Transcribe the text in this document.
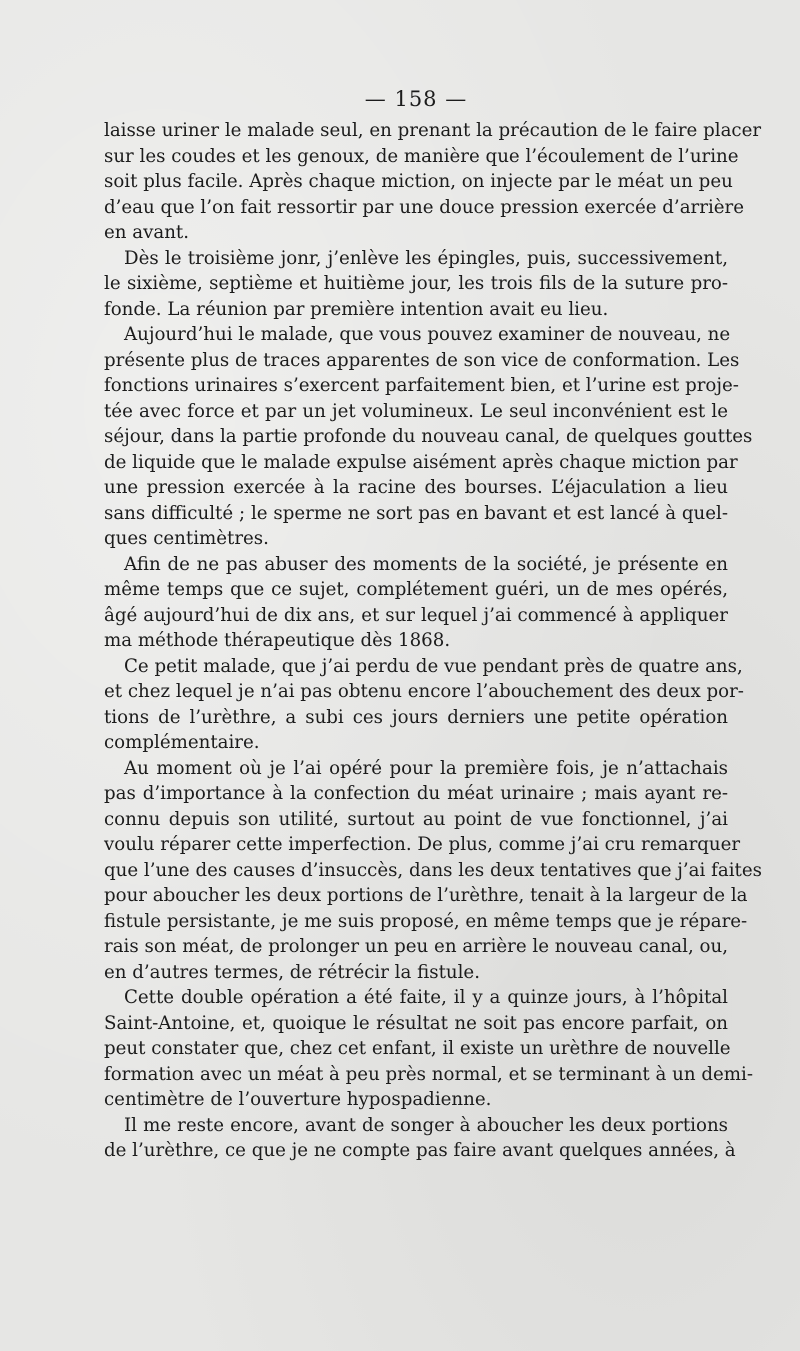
— 158 —

laisse uriner le malade seul, en prenant la précaution de le faire placer
sur les coudes et les genoux, de manière que l’écoulement de l’urine
soit plus facile. Après chaque miction, on injecte par le méat un peu
d’eau que l’on fait ressortir par une douce pression exercée d’arrière
en avant.

Dès le troisième jonr, j’enlève les épingles, puis, successivement,
le sixième, septième et huitième jour, les trois fils de la suture pro-
fonde. La réunion par première intention avait eu lieu.

Aujourd’hui le malade, que vous pouvez examiner de nouveau, ne
présente plus de traces apparentes de son vice de conformation. Les
fonctions urinaires s’exercent parfaitement bien, et l’urine est proje-
tée avec force et par un jet volumineux. Le seul inconvénient est le
séjour, dans la partie profonde du nouveau canal, de quelques gouttes
de liquide que le malade expulse aisément après chaque miction par
une pression exercée à la racine des bourses. L’éjaculation a lieu
sans difficulté ; le sperme ne sort pas en bavant et est lancé à quel-
ques centimètres.

Afin de ne pas abuser des moments de la société, je présente en
même temps que ce sujet, complétement guéri, un de mes opérés,
âgé aujourd’hui de dix ans, et sur lequel j’ai commencé à appliquer
ma méthode thérapeutique dès 1868.

Ce petit malade, que j’ai perdu de vue pendant près de quatre ans,
et chez lequel je n’ai pas obtenu encore l’abouchement des deux por-
tions de l’urèthre, a subi ces jours derniers une petite opération
complémentaire.

Au moment où je l’ai opéré pour la première fois, je n’attachais
pas d’importance à la confection du méat urinaire ; mais ayant re-
connu depuis son utilité, surtout au point de vue fonctionnel, j’ai
voulu réparer cette imperfection. De plus, comme j’ai cru remarquer
que l’une des causes d’insuccès, dans les deux tentatives que j’ai faites
pour aboucher les deux portions de l’urèthre, tenait à la largeur de la
fistule persistante, je me suis proposé, en même temps que je répare-
rais son méat, de prolonger un peu en arrière le nouveau canal, ou,
en d’autres termes, de rétrécir la fistule.

Cette double opération a été faite, il y a quinze jours, à l’hôpital
Saint-Antoine, et, quoique le résultat ne soit pas encore parfait, on
peut constater que, chez cet enfant, il existe un urèthre de nouvelle
formation avec un méat à peu près normal, et se terminant à un demi-
centimètre de l’ouverture hypospadienne.

Il me reste encore, avant de songer à aboucher les deux portions
de l’urèthre, ce que je ne compte pas faire avant quelques années, à
